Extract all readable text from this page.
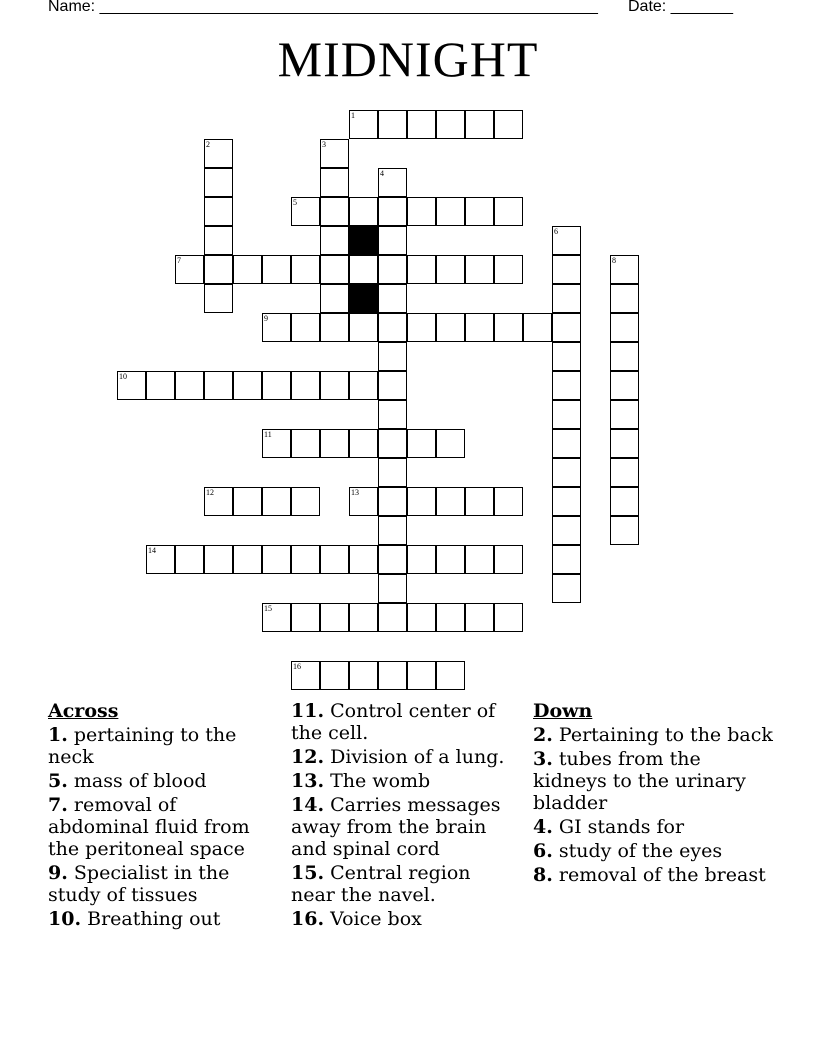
Name: ________________________________________________________ Date: _______
MIDNIGHT
1
2	3
4
5
6
7	8
9
10
11
12	13
14
15
16
Across
1. pertaining to the neck
5. mass of blood
7. removal of abdominal fluid from the peritoneal space
9. Specialist in the study of tissues
10. Breathing out
11. Control center of the cell.
12. Division of a lung.
13. The womb
14. Carries messages away from the brain and spinal cord
15. Central region near the navel.
16. Voice box
Down
2. Pertaining to the back
3. tubes from the kidneys to the urinary bladder
4. GI stands for
6. study of the eyes
8. removal of the breast
